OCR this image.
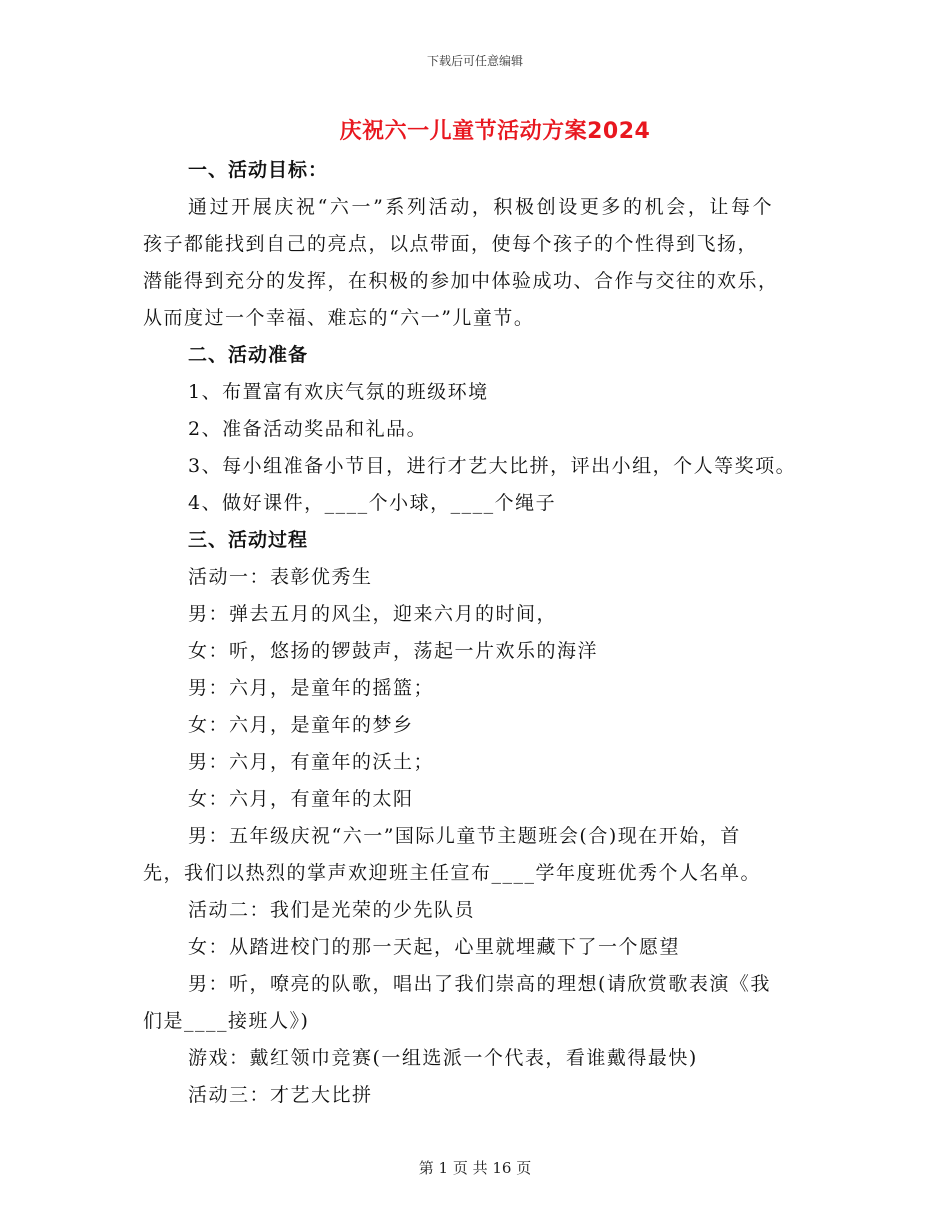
下载后可任意编辑
庆祝六一儿童节活动方案2024
一、活动目标：
通过开展庆祝“六一”系列活动，积极创设更多的机会，让每个
孩子都能找到自己的亮点，以点带面，使每个孩子的个性得到飞扬，
潜能得到充分的发挥，在积极的参加中体验成功、合作与交往的欢乐，
从而度过一个幸福、难忘的“六一”儿童节。
二、活动准备
1、布置富有欢庆气氛的班级环境
2、准备活动奖品和礼品。
3、每小组准备小节目，进行才艺大比拼，评出小组，个人等奖项。
4、做好课件，____个小球，____个绳子
三、活动过程
活动一：表彰优秀生
男：弹去五月的风尘，迎来六月的时间，
女：听，悠扬的锣鼓声，荡起一片欢乐的海洋
男：六月，是童年的摇篮；
女：六月，是童年的梦乡
男：六月，有童年的沃土；
女：六月，有童年的太阳
男：五年级庆祝“六一”国际儿童节主题班会(合)现在开始，首
先，我们以热烈的掌声欢迎班主任宣布____学年度班优秀个人名单。
活动二：我们是光荣的少先队员
女：从踏进校门的那一天起，心里就埋藏下了一个愿望
男：听，嘹亮的队歌，唱出了我们崇高的理想(请欣赏歌表演《我
们是____接班人》)
游戏：戴红领巾竞赛(一组选派一个代表，看谁戴得最快)
活动三：才艺大比拼
第 1 页 共 16 页
